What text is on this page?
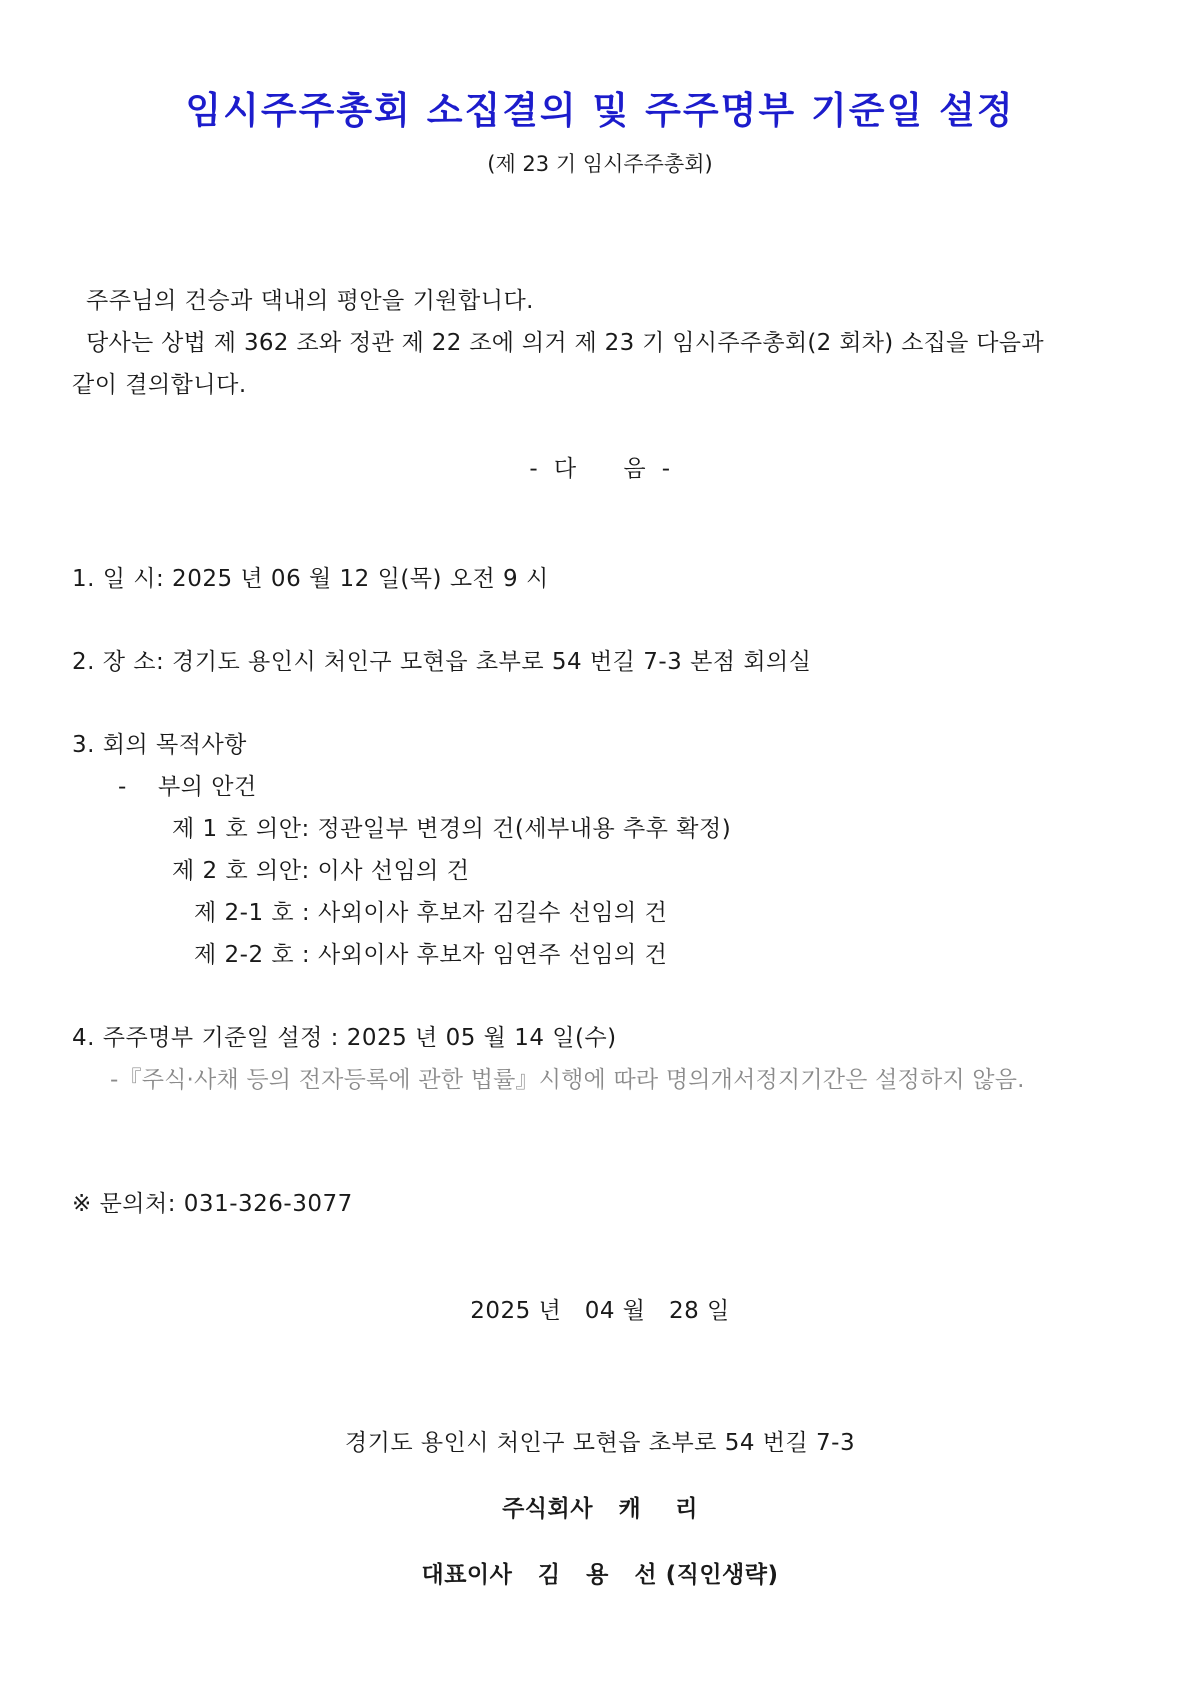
임시주주총회 소집결의 및 주주명부 기준일 설정
(제 23 기 임시주주총회)
주주님의 건승과 댁내의 평안을 기원합니다.
당사는 상법 제 362 조와 정관 제 22 조에 의거 제 23 기 임시주주총회(2 회차) 소집을 다음과
같이 결의합니다.
-  다      음  -
1. 일 시: 2025 년 06 월 12 일(목) 오전 9 시
2. 장 소: 경기도 용인시 처인구 모현읍 초부로 54 번길 7-3 본점 회의실
3. 회의 목적사항
-    부의 안건
제 1 호 의안: 정관일부 변경의 건(세부내용 추후 확정)
제 2 호 의안: 이사 선임의 건
제 2-1 호 : 사외이사 후보자 김길수 선임의 건
제 2-2 호 : 사외이사 후보자 임연주 선임의 건
4. 주주명부 기준일 설정 : 2025 년 05 월 14 일(수)
-『주식·사채 등의 전자등록에 관한 법률』시행에 따라 명의개서정지기간은 설정하지 않음.
※ 문의처: 031-326-3077
2025 년   04 월   28 일
경기도 용인시 처인구 모현읍 초부로 54 번길 7-3
주식회사   캐    리
대표이사   김   용   선 (직인생략)
